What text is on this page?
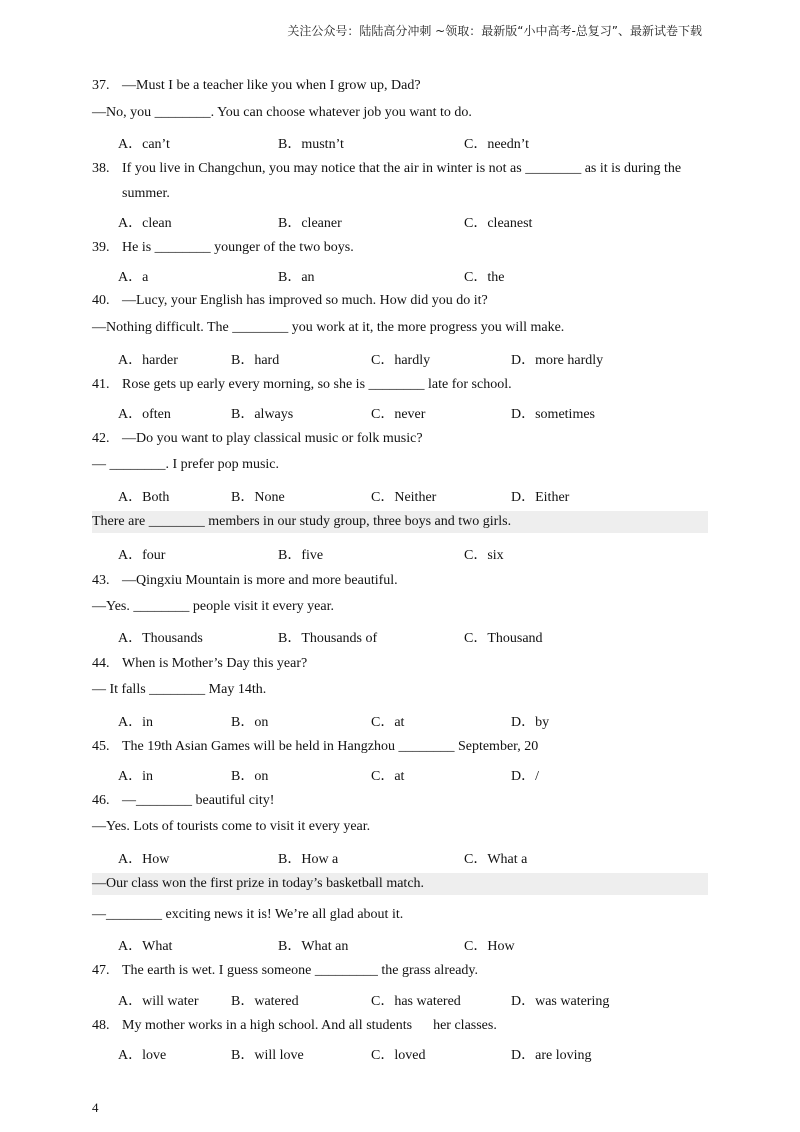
关注公众号：陆陆高分冲刺 ~领取：最新版“小中高考-总复习”、最新试卷下载
37. —Must I be a teacher like you when I grow up, Dad?
—No, you ________. You can choose whatever job you want to do.
A．can’t	B．mustn’t	C．needn’t
38. If you live in Changchun, you may notice that the air in winter is not as ________ as it is during the
summer.
A．clean	B．cleaner	C．cleanest
39. He is ________ younger of the two boys.
A．a	B．an	C．the
40. —Lucy, your English has improved so much. How did you do it?
—Nothing difficult. The ________ you work at it, the more progress you will make.
A．harder	B．hard	C．hardly	D．more hardly
41. Rose gets up early every morning, so she is ________ late for school.
A．often	B．always	C．never	D．sometimes
42. —Do you want to play classical music or folk music?
— ________. I prefer pop music.
A．Both	B．None	C．Neither	D．Either
There are ________ members in our study group, three boys and two girls.
A．four	B．five	C．six
43. —Qingxiu Mountain is more and more beautiful.
—Yes. ________ people visit it every year.
A．Thousands	B．Thousands of	C．Thousand
44. When is Mother’s Day this year?
— It falls ________ May 14th.
A．in	B．on	C．at	D．by
45. The 19th Asian Games will be held in Hangzhou ________ September, 20
A．in	B．on	C．at	D．/
46. —________ beautiful city!
—Yes. Lots of tourists come to visit it every year.
A．How	B．How a	C．What a
—Our class won the first prize in today’s basketball match.
—________ exciting news it is! We’re all glad about it.
A．What	B．What an	C．How
47. The earth is wet. I guess someone _________ the grass already.
A．will water B．watered	C．has watered	D．was watering
48. My mother works in a high school. And all students      her classes.
A．love	B．will love	C．loved	D．are loving
4
